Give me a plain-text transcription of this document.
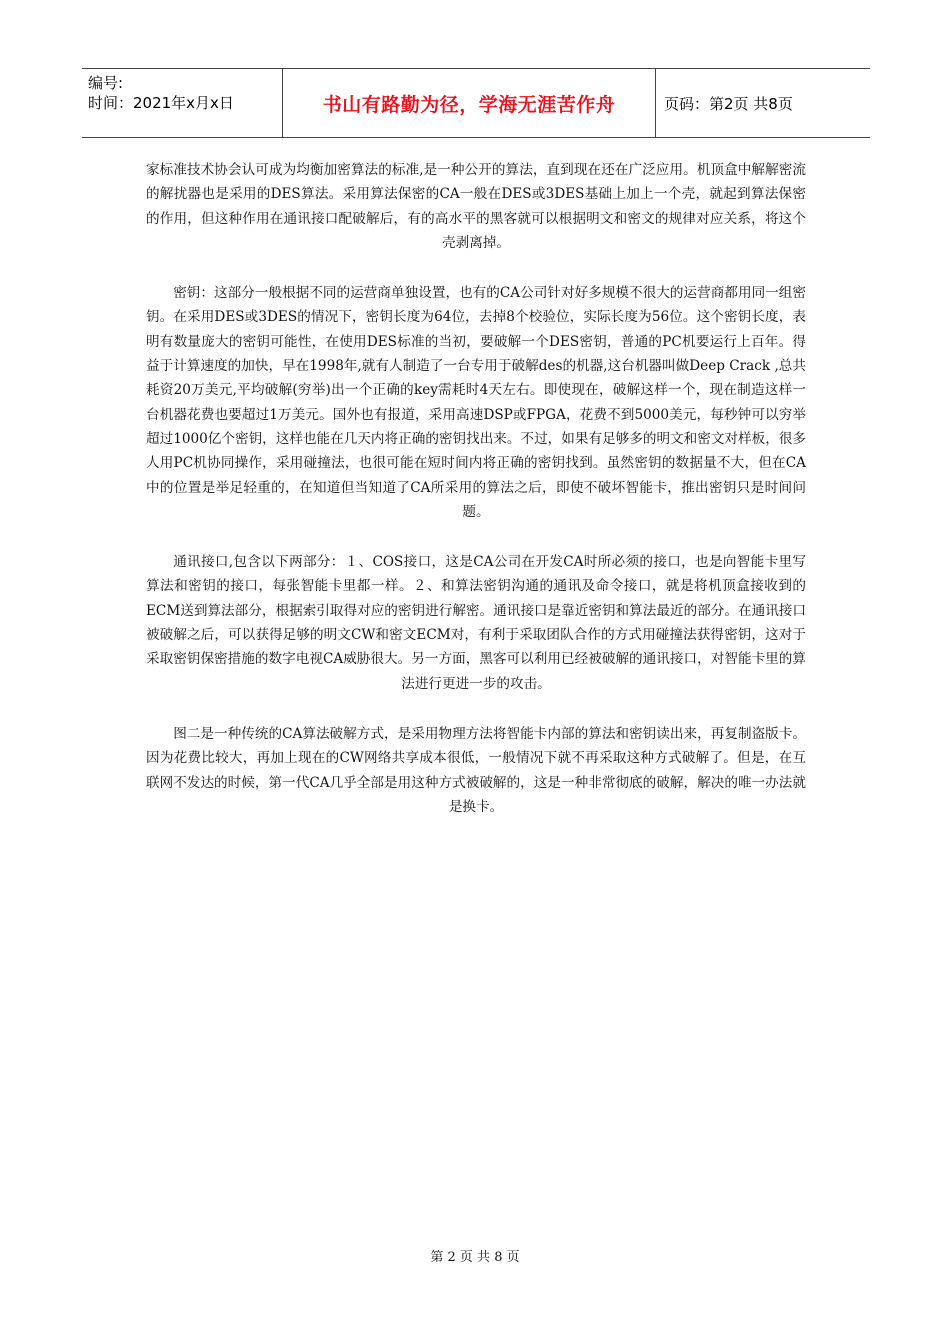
编号:
时间：2021年x月x日	书山有路勤为径，学海无涯苦作舟	页码：第2页 共8页

家标准技术协会认可成为均衡加密算法的标准,是一种公开的算法，直到现在还在广泛应用。机顶盒中解解密流的解扰器也是采用的DES算法。采用算法保密的CA一般在DES或3DES基础上加上一个壳，就起到算法保密的作用，但这种作用在通讯接口配破解后，有的高水平的黑客就可以根据明文和密文的规律对应关系，将这个壳剥离掉。

密钥：这部分一般根据不同的运营商单独设置，也有的CA公司针对好多规模不很大的运营商都用同一组密钥。在采用DES或3DES的情况下，密钥长度为64位，去掉8个校验位，实际长度为56位。这个密钥长度，表明有数量庞大的密钥可能性，在使用DES标准的当初，要破解一个DES密钥，普通的PC机要运行上百年。得益于计算速度的加快，早在1998年,就有人制造了一台专用于破解des的机器,这台机器叫做Deep Crack ,总共耗资20万美元,平均破解(穷举)出一个正确的key需耗时4天左右。即使现在，破解这样一个，现在制造这样一台机器花费也要超过1万美元。国外也有报道，采用高速DSP或FPGA，花费不到5000美元，每秒钟可以穷举超过1000亿个密钥，这样也能在几天内将正确的密钥找出来。不过，如果有足够多的明文和密文对样板，很多人用PC机协同操作，采用碰撞法，也很可能在短时间内将正确的密钥找到。虽然密钥的数据量不大，但在CA中的位置是举足轻重的，在知道但当知道了CA所采用的算法之后，即使不破坏智能卡，推出密钥只是时间问题。

通讯接口,包含以下两部分：１、COS接口，这是CA公司在开发CA时所必须的接口，也是向智能卡里写算法和密钥的接口，每张智能卡里都一样。２、和算法密钥沟通的通讯及命令接口，就是将机顶盒接收到的ECM送到算法部分，根据索引取得对应的密钥进行解密。通讯接口是靠近密钥和算法最近的部分。在通讯接口被破解之后，可以获得足够的明文CW和密文ECM对，有利于采取团队合作的方式用碰撞法获得密钥，这对于采取密钥保密措施的数字电视CA威胁很大。另一方面，黑客可以利用已经被破解的通讯接口，对智能卡里的算法进行更进一步的攻击。

图二是一种传统的CA算法破解方式，是采用物理方法将智能卡内部的算法和密钥读出来，再复制盗版卡。因为花费比较大，再加上现在的CW网络共享成本很低，一般情况下就不再采取这种方式破解了。但是，在互联网不发达的时候，第一代CA几乎全部是用这种方式被破解的，这是一种非常彻底的破解，解决的唯一办法就是换卡。

第 2 页 共 8 页
